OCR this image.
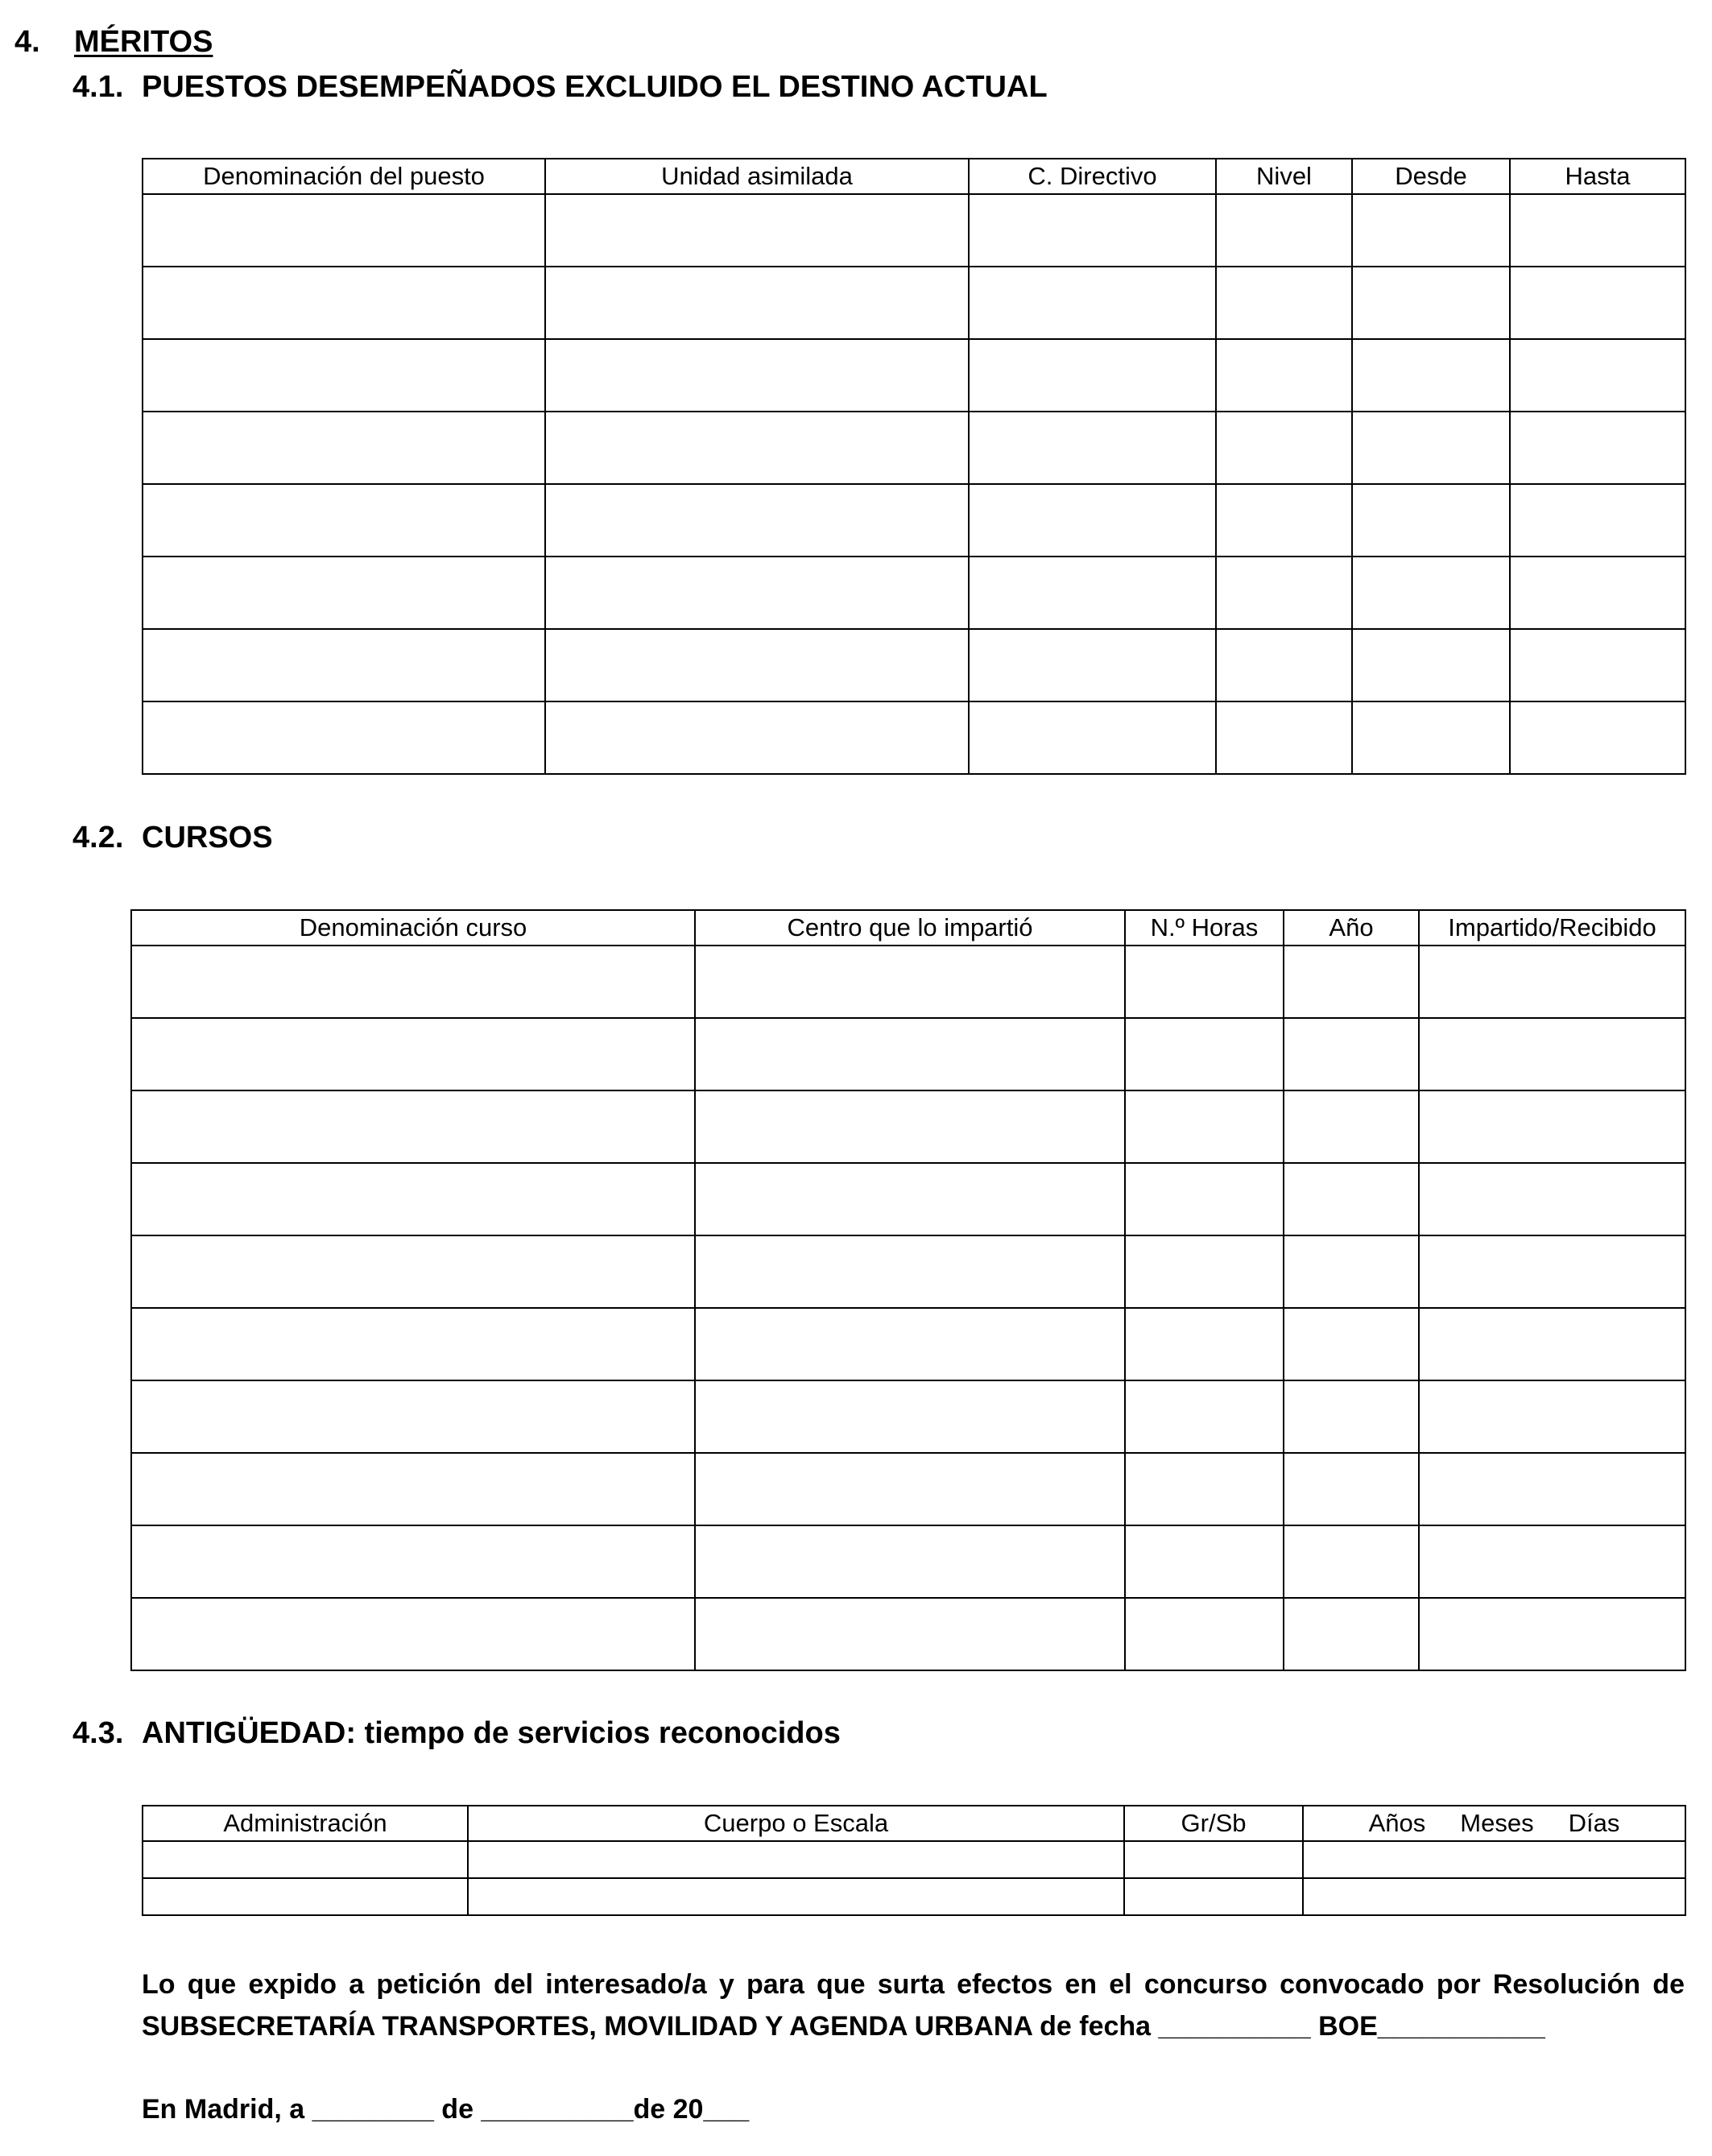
4. MÉRITOS
4.1. PUESTOS DESEMPEÑADOS EXCLUIDO EL DESTINO ACTUAL
Denominación del puesto	Unidad asimilada	C. Directivo	Nivel	Desde	Hasta

4.2. CURSOS
Denominación curso	Centro que lo impartió	N.º Horas	Año	Impartido/Recibido

4.3. ANTIGÜEDAD: tiempo de servicios reconocidos
Administración	Cuerpo o Escala	Gr/Sb	Años     Meses     Días

Lo que expido a petición del interesado/a y para que surta efectos en el concurso convocado por Resolución de
SUBSECRETARÍA TRANSPORTES, MOVILIDAD Y AGENDA URBANA de fecha __________ BOE___________
En Madrid, a ________ de __________de 20___
